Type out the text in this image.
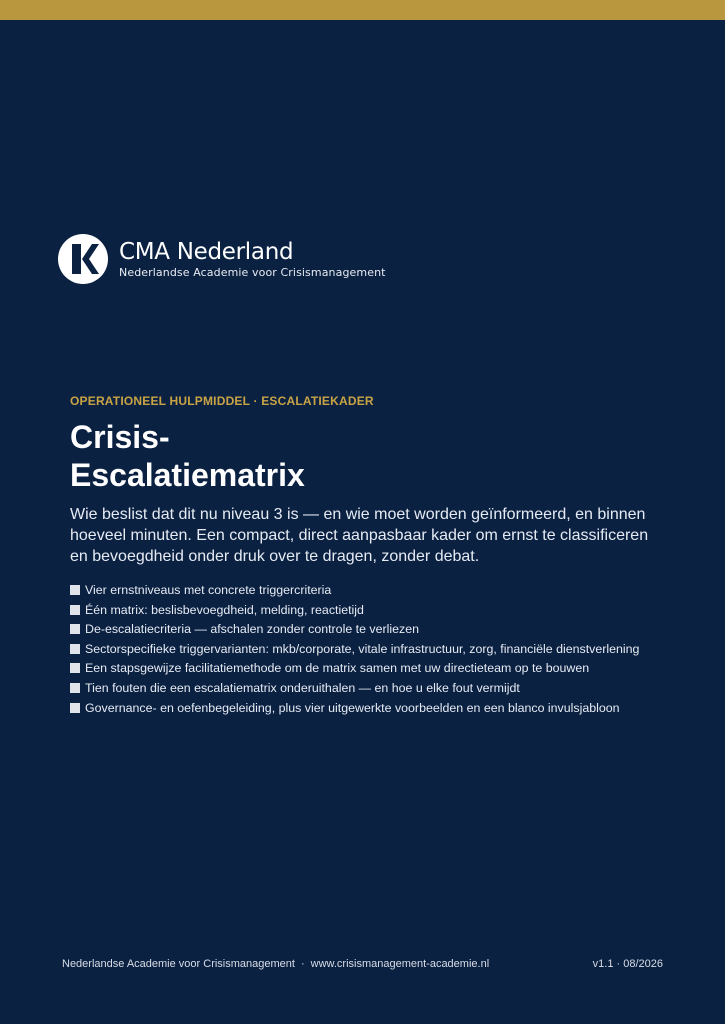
CMA Nederland
Nederlandse Academie voor Crisismanagement
OPERATIONEEL HULPMIDDEL · ESCALATIEKADER
Crisis-
Escalatiematrix

Wie beslist dat dit nu niveau 3 is — en wie moet worden geïnformeerd, en binnen hoeveel minuten. Een compact, direct aanpasbaar kader om ernst te classificeren en bevoegdheid onder druk over te dragen, zonder debat.

Vier ernstniveaus met concrete triggercriteria
Één matrix: beslisbevoegdheid, melding, reactietijd
De-escalatiecriteria — afschalen zonder controle te verliezen
Sectorspecifieke triggervarianten: mkb/corporate, vitale infrastructuur, zorg, financiële dienstverlening
Een stapsgewijze facilitatiemethode om de matrix samen met uw directieteam op te bouwen
Tien fouten die een escalatiematrix onderuithalen — en hoe u elke fout vermijdt
Governance- en oefenbegeleiding, plus vier uitgewerkte voorbeelden en een blanco invulsjabloon
Nederlandse Academie voor Crisismanagement · www.crisismanagement-academie.nl	v1.1 · 08/2026
